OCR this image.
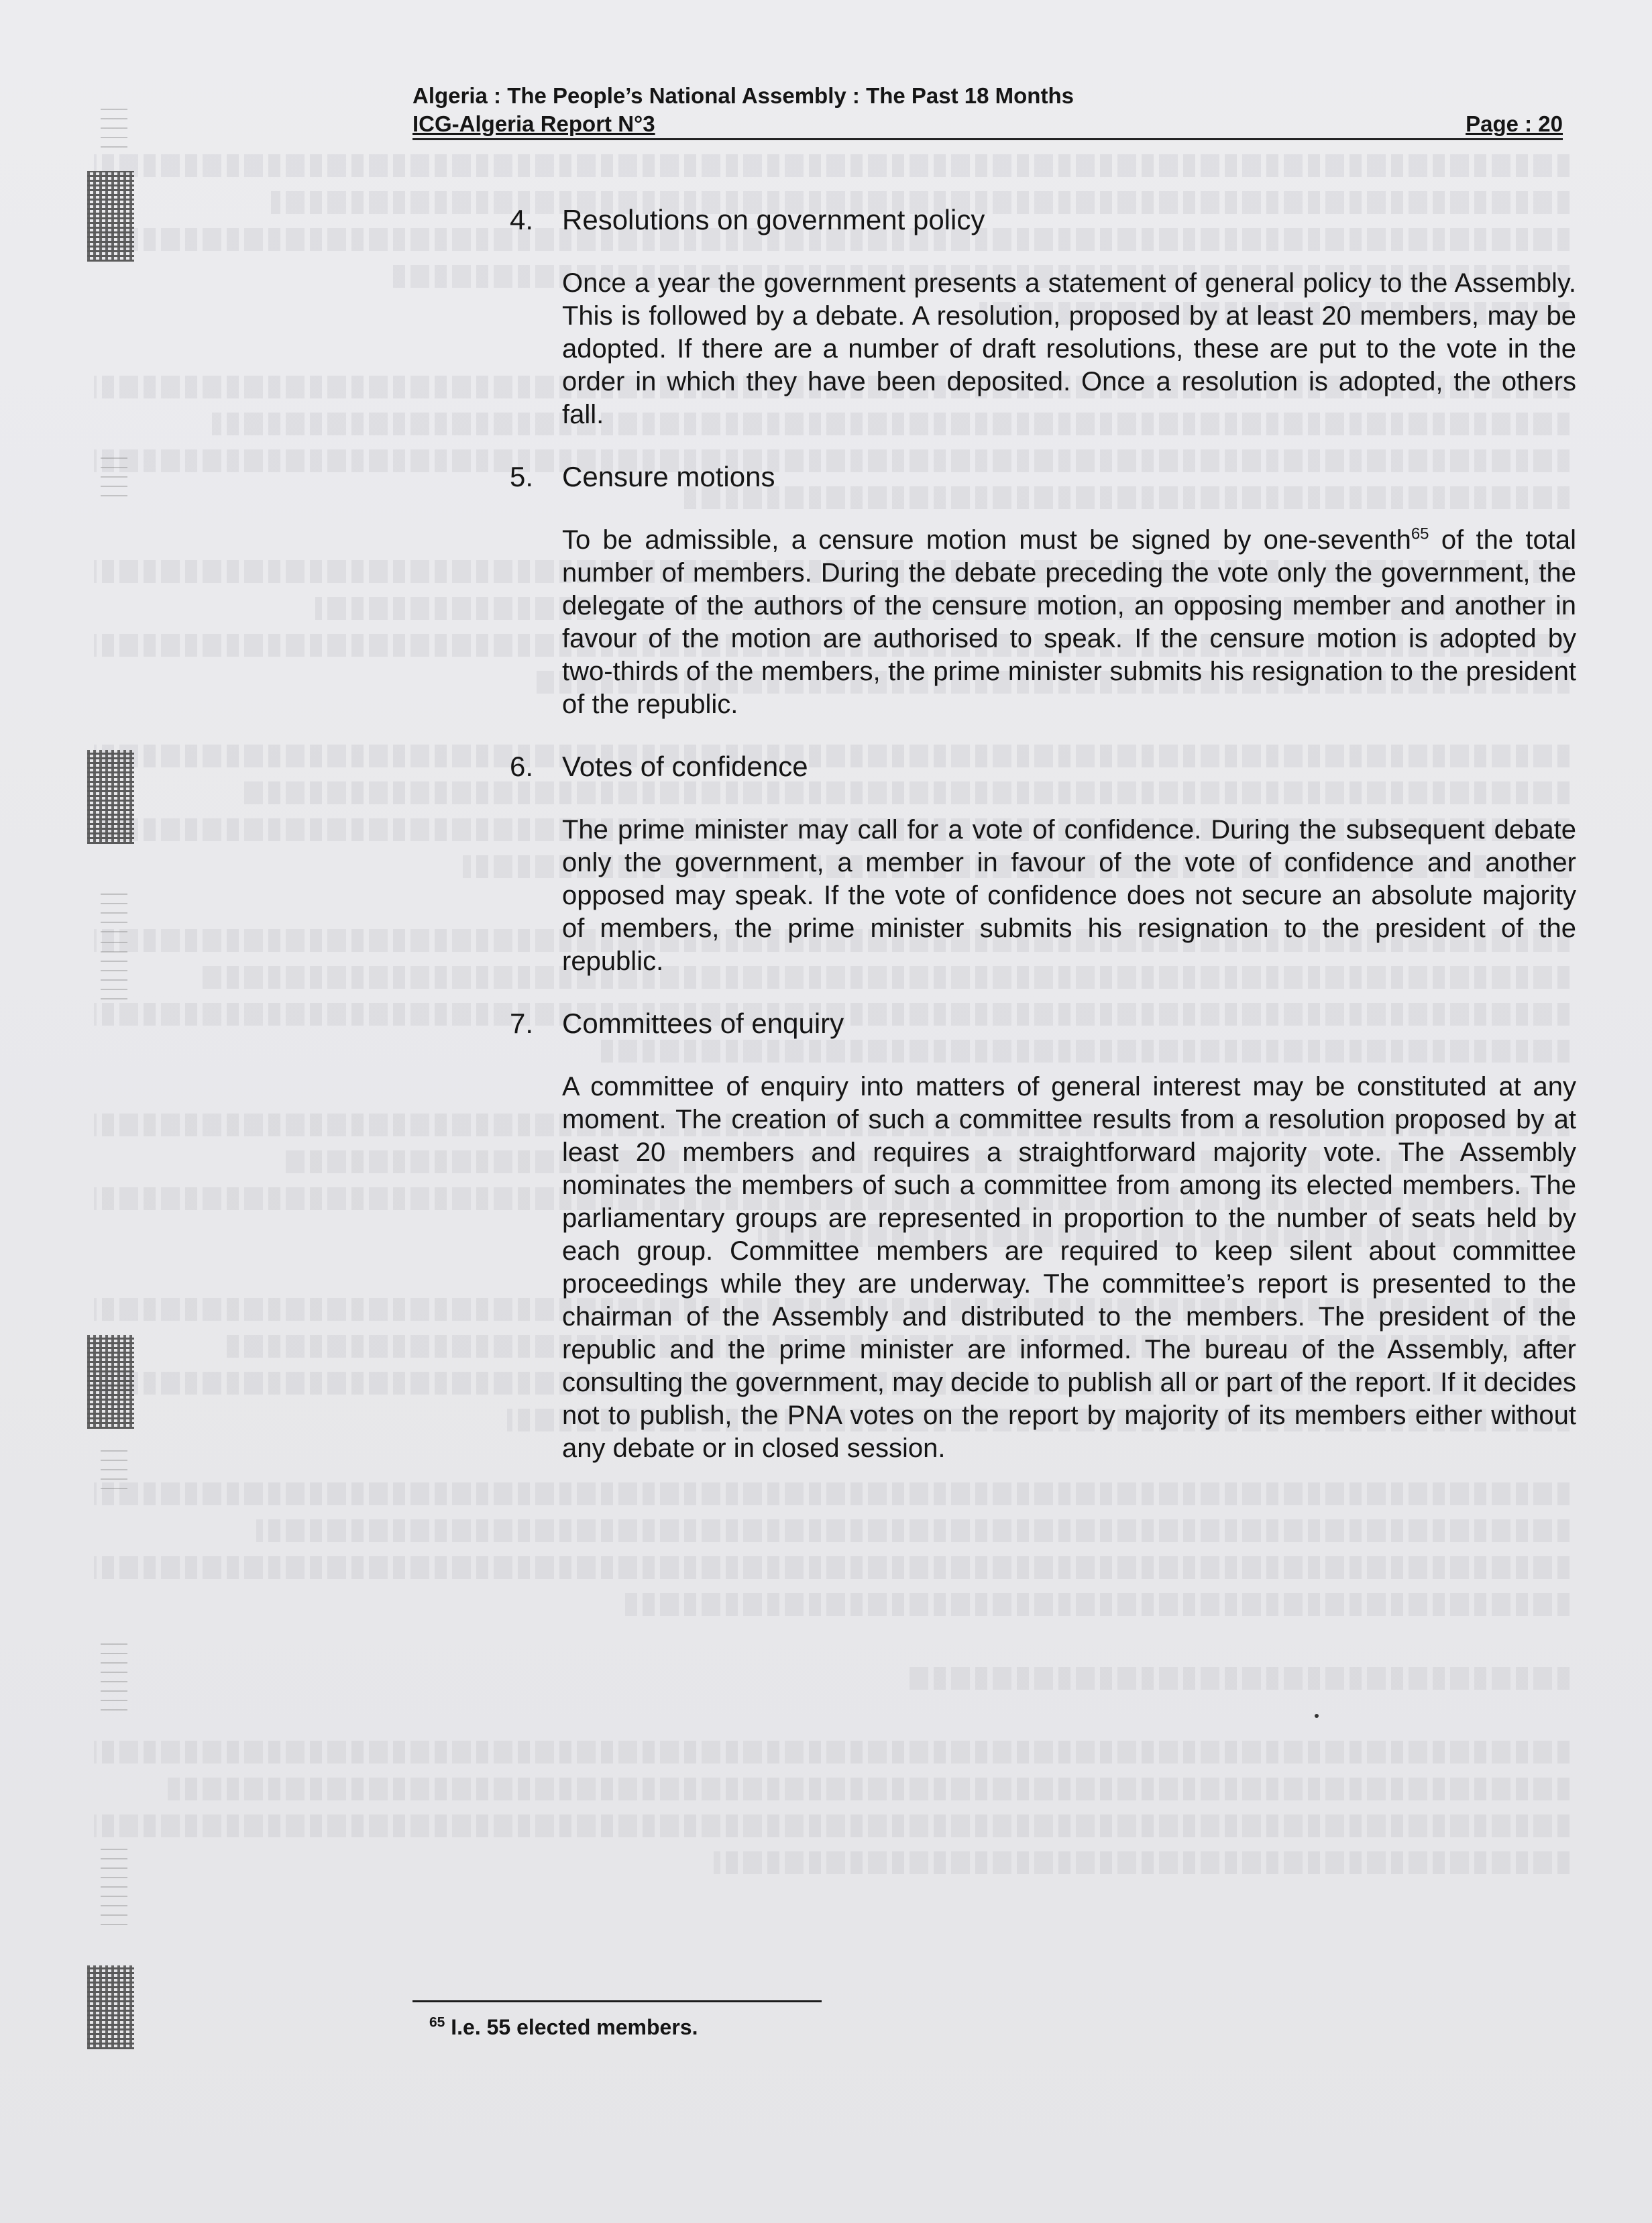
Algeria : The People’s National Assembly : The Past 18 Months

ICG-Algeria Report N°3	Page : 20

4.	Resolutions on government policy

Once a year the government presents a statement of general policy to the Assembly. This is followed by a debate. A resolution, proposed by at least 20 members, may be adopted. If there are a number of draft resolutions, these are put to the vote in the order in which they have been deposited. Once a resolution is adopted, the others fall.

5.	Censure motions

To be admissible, a censure motion must be signed by one-seventh$^{65}$ of the total number of members. During the debate preceding the vote only the government, the delegate of the authors of the censure motion, an opposing member and another in favour of the motion are authorised to speak. If the censure motion is adopted by two-thirds of the members, the prime minister submits his resignation to the president of the republic.

6.	Votes of confidence

The prime minister may call for a vote of confidence. During the subsequent debate only the government, a member in favour of the vote of confidence and another opposed may speak. If the vote of confidence does not secure an absolute majority of members, the prime minister submits his resignation to the president of the republic.

7.	Committees of enquiry

A committee of enquiry into matters of general interest may be constituted at any moment. The creation of such a committee results from a resolution proposed by at least 20 members and requires a straightforward majority vote. The Assembly nominates the members of such a committee from among its elected members. The parliamentary groups are represented in proportion to the number of seats held by each group. Committee members are required to keep silent about committee proceedings while they are underway. The committee’s report is presented to the chairman of the Assembly and distributed to the members. The president of the republic and the prime minister are informed. The bureau of the Assembly, after consulting the government, may decide to publish all or part of the report. If it decides not to publish, the PNA votes on the report by majority of its members either without any debate or in closed session.

$^{65}$ I.e. 55 elected members.
